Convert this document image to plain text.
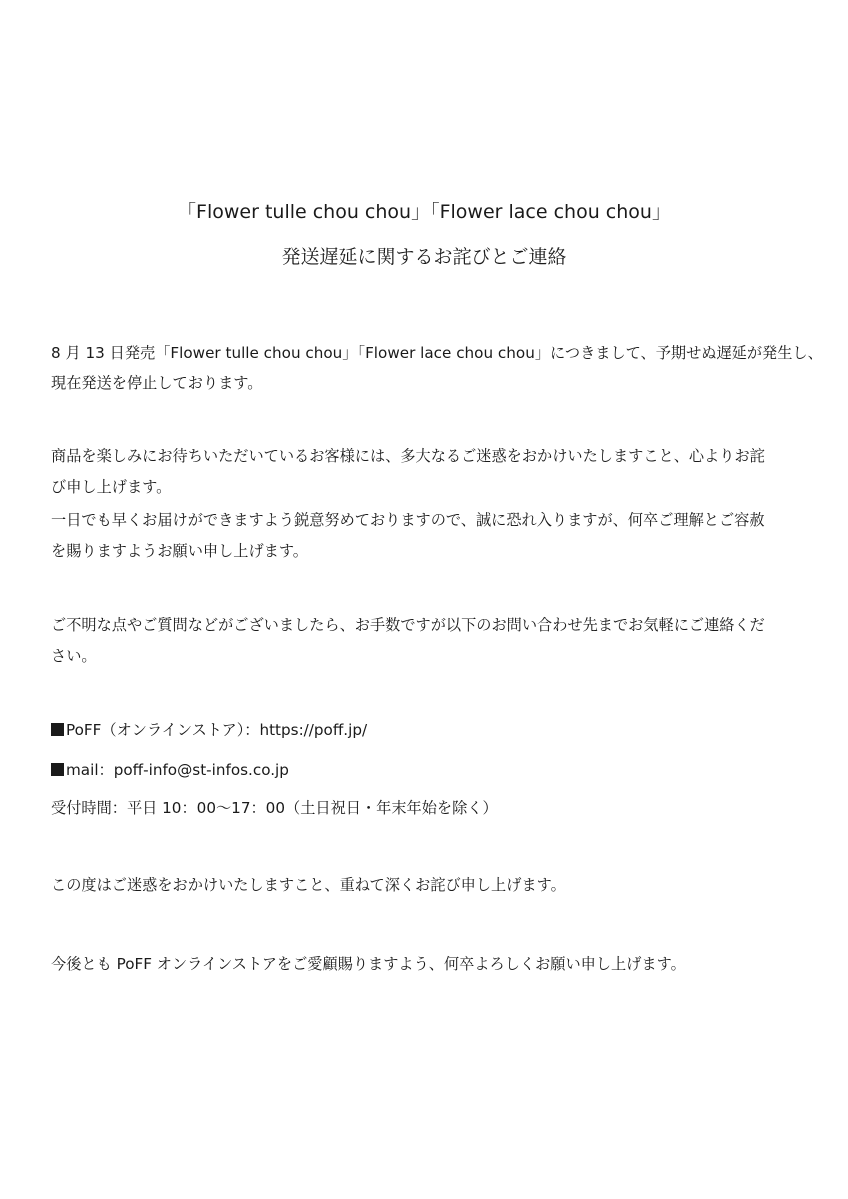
「Flower tulle chou chou」「Flower lace chou chou」
発送遅延に関するお詫びとご連絡
8 月 13 日発売「Flower tulle chou chou」「Flower lace chou chou」につきまして、予期せぬ遅延が発生し、
現在発送を停止しております。
商品を楽しみにお待ちいただいているお客様には、多大なるご迷惑をおかけいたしますこと、心よりお詫
び申し上げます。
一日でも早くお届けができますよう鋭意努めておりますので、誠に恐れ入りますが、何卒ご理解とご容赦
を賜りますようお願い申し上げます。
ご不明な点やご質問などがございましたら、お手数ですが以下のお問い合わせ先までお気軽にご連絡くだ
さい。
PoFF（オンラインストア）：https://poff.jp/
mail：poff-info@st-infos.co.jp
受付時間：平日 10：00〜17：00（土日祝日・年末年始を除く）
この度はご迷惑をおかけいたしますこと、重ねて深くお詫び申し上げます。
今後とも PoFF オンラインストアをご愛顧賜りますよう、何卒よろしくお願い申し上げます。
